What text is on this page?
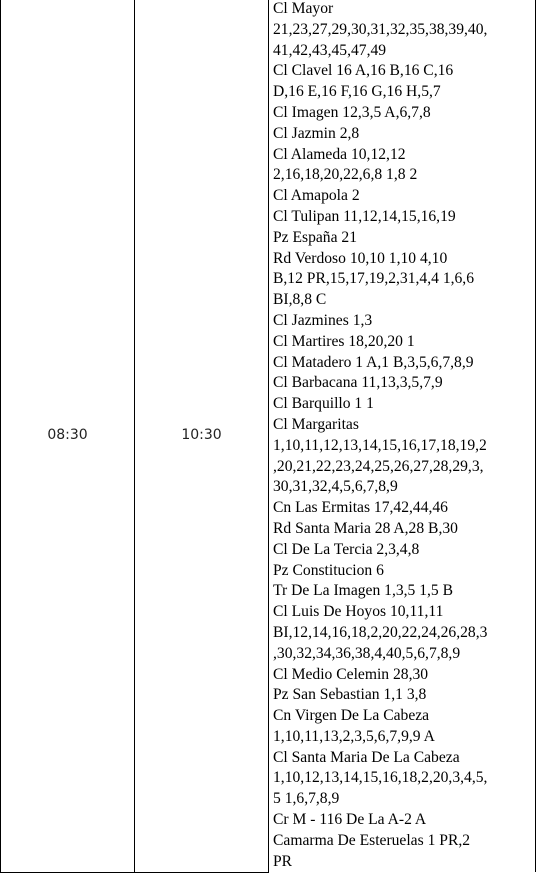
08:30	10:30	
Cl Mayor
21,23,27,29,30,31,32,35,38,39,40,
41,42,43,45,47,49
Cl Clavel 16 A,16 B,16 C,16
D,16 E,16 F,16 G,16 H,5,7
Cl Imagen 12,3,5 A,6,7,8
Cl Jazmin 2,8
Cl Alameda 10,12,12
2,16,18,20,22,6,8 1,8 2
Cl Amapola 2
Cl Tulipan 11,12,14,15,16,19
Pz España 21
Rd Verdoso 10,10 1,10 4,10
B,12 PR,15,17,19,2,31,4,4 1,6,6
BI,8,8 C
Cl Jazmines 1,3
Cl Martires 18,20,20 1
Cl Matadero 1 A,1 B,3,5,6,7,8,9
Cl Barbacana 11,13,3,5,7,9
Cl Barquillo 1 1
Cl Margaritas
1,10,11,12,13,14,15,16,17,18,19,2
,20,21,22,23,24,25,26,27,28,29,3,
30,31,32,4,5,6,7,8,9
Cn Las Ermitas 17,42,44,46
Rd Santa Maria 28 A,28 B,30
Cl De La Tercia 2,3,4,8
Pz Constitucion 6
Tr De La Imagen 1,3,5 1,5 B
Cl Luis De Hoyos 10,11,11
BI,12,14,16,18,2,20,22,24,26,28,3
,30,32,34,36,38,4,40,5,6,7,8,9
Cl Medio Celemin 28,30
Pz San Sebastian 1,1 3,8
Cn Virgen De La Cabeza
1,10,11,13,2,3,5,6,7,9,9 A
Cl Santa Maria De La Cabeza
1,10,12,13,14,15,16,18,2,20,3,4,5,
5 1,6,7,8,9
Cr M - 116 De La A-2 A
Camarma De Esteruelas 1 PR,2
PR
